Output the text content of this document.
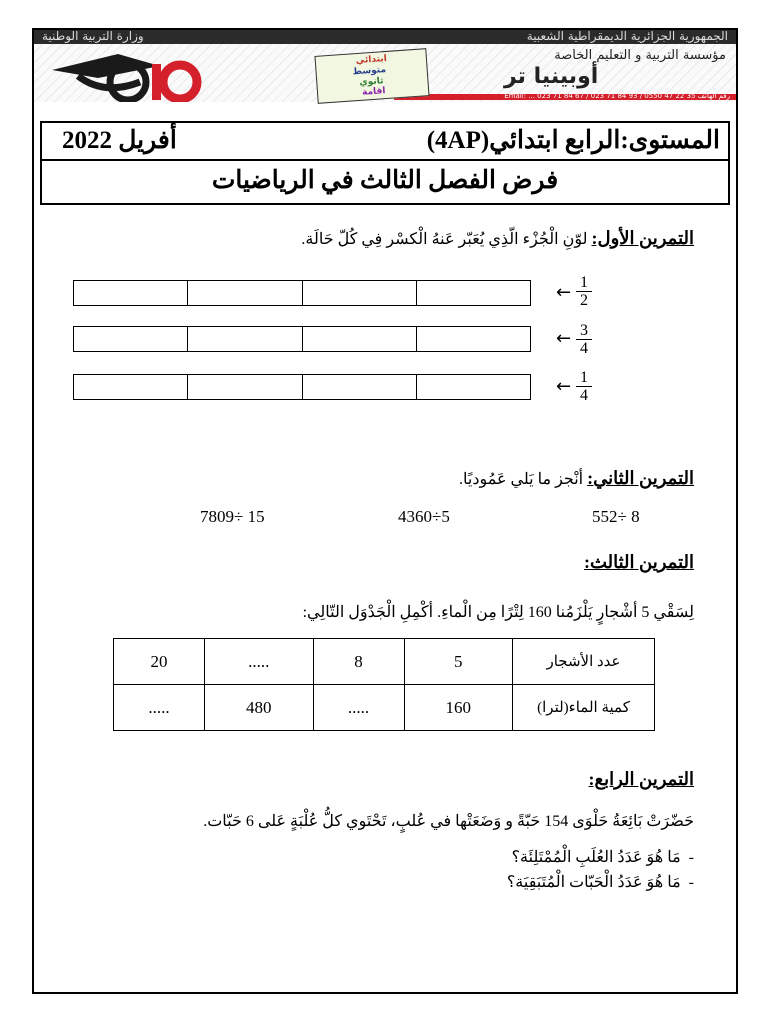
الجمهورية الجزائرية الديمقراطية الشعبية
وزارة التربية الوطنية
مؤسسة التربية و التعليم الخاصة
أوبينيا تر
Email: ... 023 71 84 67 / 023 71 84 93 / 0550 47 22 35 رقم الهاتف
ابتدائي
متوسط
ثانوي
اقامة
المستوى:الرابع ابتدائي(4AP)
أفريل 2022
فرض الفصل الثالث في الرياضيات
التمرين الأول: لوّنِ الْجُزْء الّذِي يُعَبّر عَنهُ الْكسْر فِي كُلّ حَالَة.
← $\frac{1}{2}$
← $\frac{3}{4}$
← $\frac{1}{4}$
التمرين الثاني: أنْجز ما يَلي عَمُوديًا.
552÷ 8
4360÷5
7809÷ 15
التمرين الثالث:
لِسَقْي 5 أشْجارٍ يَلْزَمُنا 160 لِتْرًا مِن الْماءِ. أكْمِلِ الْجَدْوَل التّالِي:
عدد الأشجار	5	8	.....	20
كمية الماء(لترا)	160	.....	480	.....
التمرين الرابع:
حَضّرَتْ بَائِعَةُ حَلْوَى 154 حَبّةً و وَضَعَتْها في عُلبٍ، تَحْتَوي كلُّ عُلْبَةٍ عَلى 6 حَبّات.
-  مَا هُوَ عَدَدُ العُلَبِ الْمُمْتَلِئَة؟
-  مَا هُوَ عَدَدُ الْحَبّات الْمُتَبَقِيَة؟
